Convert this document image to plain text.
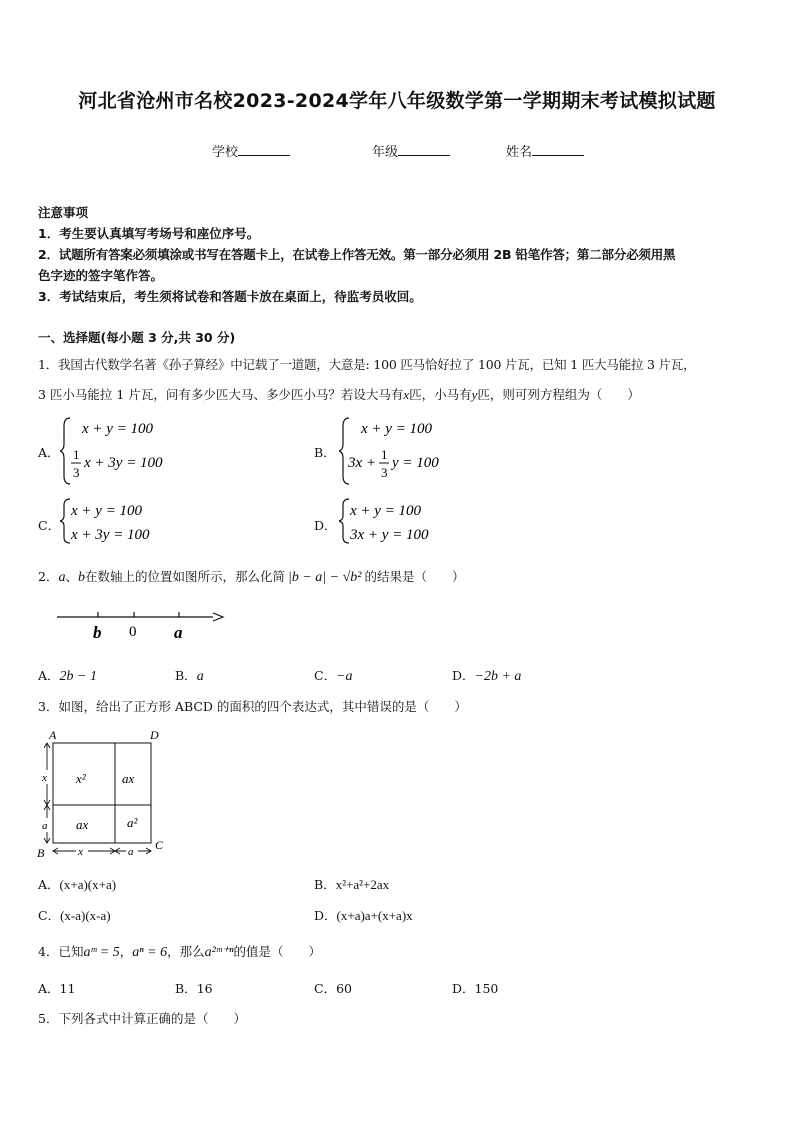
河北省沧州市名校2023-2024学年八年级数学第一学期期末考试模拟试题
学校	年级	姓名
注意事项
1．考生要认真填写考场号和座位序号。
2．试题所有答案必须填涂或书写在答题卡上，在试卷上作答无效。第一部分必须用 2B 铅笔作答；第二部分必须用黑
色字迹的签字笔作答。
3．考试结束后，考生须将试卷和答题卡放在桌面上，待监考员收回。
一、选择题(每小题 3 分,共 30 分)
1．我国古代数学名著《孙子算经》中记载了一道题，大意是: 100 匹马恰好拉了 100 片瓦，已知 1 匹大马能拉 3 片瓦，
3 匹小马能拉 1 片瓦，问有多少匹大马、多少匹小马？若设大马有x匹，小马有y匹，则可列方程组为（　　）
A．
x + y = 100
1
3
x + 3y = 100
B．
x + y = 100
3x +
1
3
y = 100
C．
x + y = 100
x + 3y = 100
D．
x + y = 100
3x + y = 100
2．a、b在数轴上的位置如图所示，那么化简 |b − a| − √b² 的结果是（　　）
b 0 a
A．2b − 1	B．a	C．−a	D．−2b + a
3．如图，给出了正方形 ABCD 的面积的四个表达式，其中错误的是（　　）
A	D
B
C
x²	ax
ax	a²
x
a
x	a
A．(x+a)(x+a)	B．x²+a²+2ax
C．(x-a)(x-a)	D．(x+a)a+(x+a)x
4．已知aᵐ = 5，aⁿ = 6，那么a²ᵐ⁺ⁿ的值是（　　）
A．11	B．16	C．60	D．150
5．下列各式中计算正确的是（　　）
